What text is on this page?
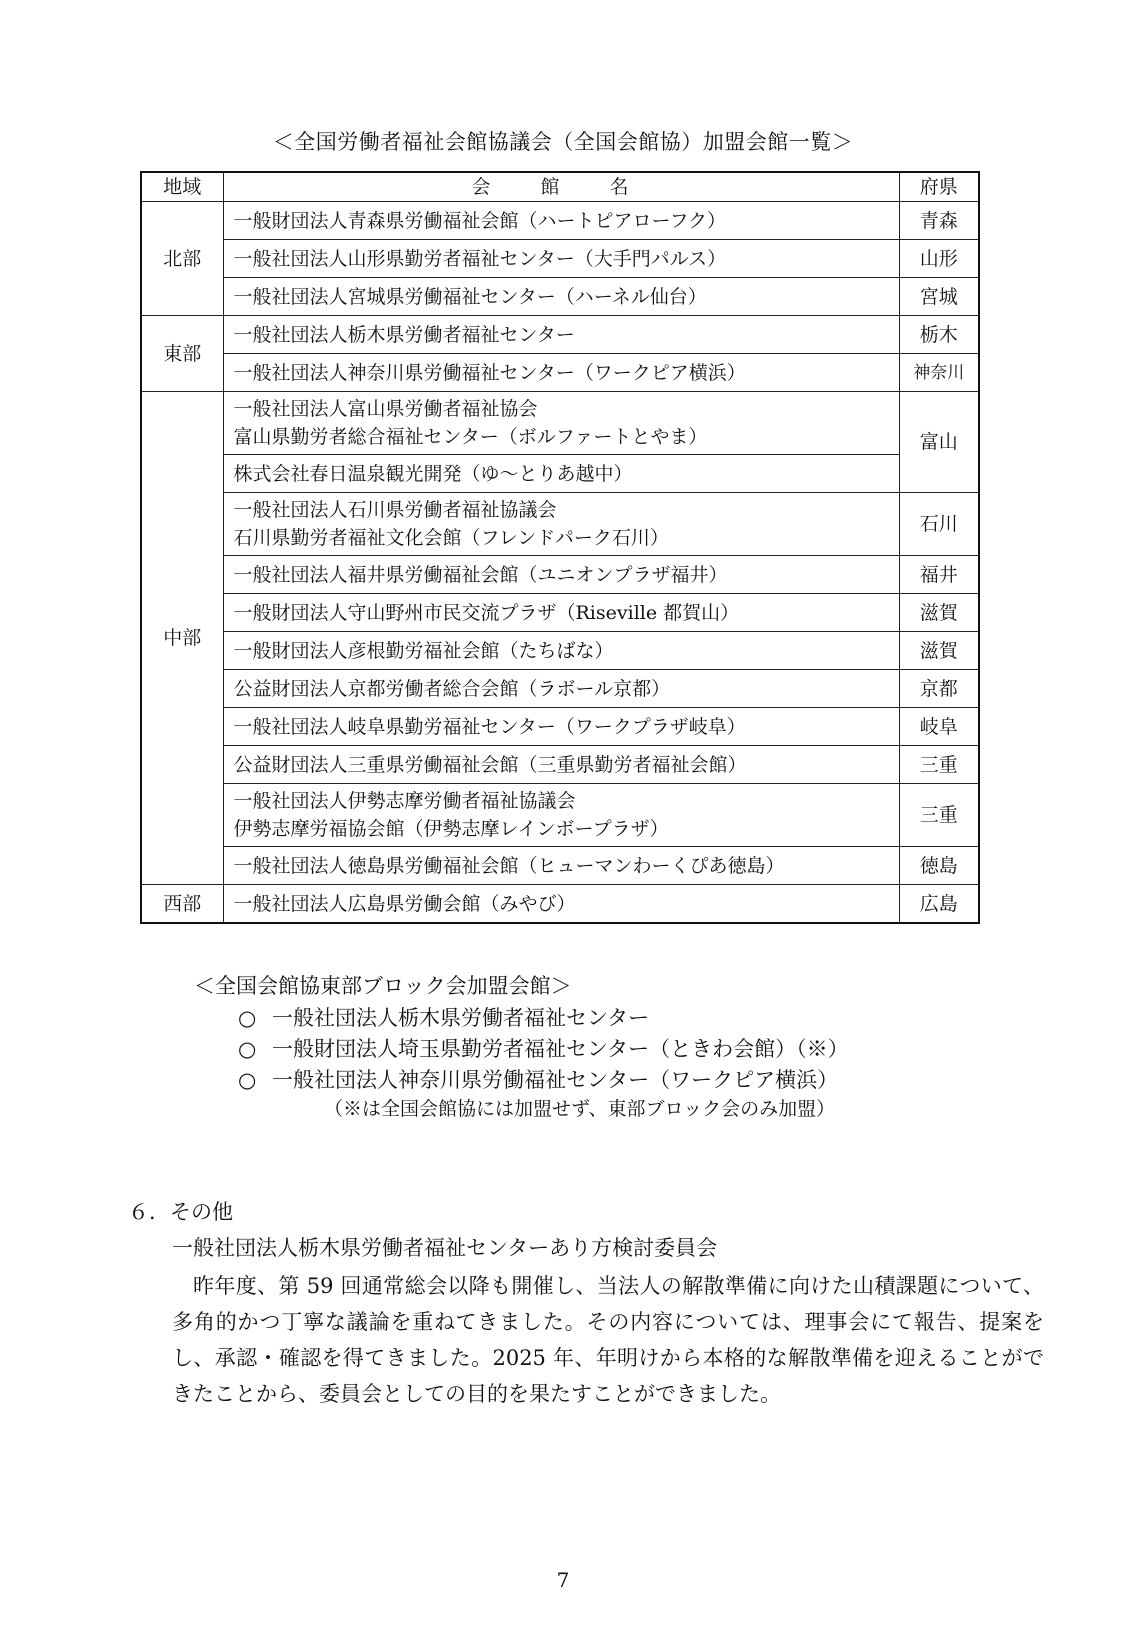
＜全国労働者福祉会館協議会（全国会館協）加盟会館一覧＞
地域	会 館 名	府県
北部	一般財団法人青森県労働福祉会館（ハートピアローフク）	青森
	一般社団法人山形県勤労者福祉センター（大手門パルス）	山形
	一般社団法人宮城県労働福祉センター（ハーネル仙台）	宮城
東部	一般社団法人栃木県労働者福祉センター	栃木
	一般社団法人神奈川県労働福祉センター（ワークピア横浜）	神奈川
中部	一般社団法人富山県労働者福祉協会
富山県勤労者総合福祉センター（ボルファートとやま）	富山
	株式会社春日温泉観光開発（ゆ～とりあ越中）	

	一般社団法人石川県労働者福祉協議会
石川県勤労者福祉文化会館（フレンドパーク石川）	石川
	一般社団法人福井県労働福祉会館（ユニオンプラザ福井）	福井
	一般財団法人守山野州市民交流プラザ（Riseville 都賀山）	滋賀
	一般財団法人彦根勤労福祉会館（たちばな）	滋賀
	公益財団法人京都労働者総合会館（ラボール京都）	京都
	一般社団法人岐阜県勤労福祉センター（ワークプラザ岐阜）	岐阜
	公益財団法人三重県労働福祉会館（三重県勤労者福祉会館）	三重

	一般社団法人伊勢志摩労働者福祉協議会
伊勢志摩労福協会館（伊勢志摩レインボープラザ）	三重
	一般社団法人徳島県労働福祉会館（ヒューマンわーくぴあ徳島）	徳島
西部	一般社団法人広島県労働会館（みやび）	広島
＜全国会館協東部ブロック会加盟会館＞
○ 一般社団法人栃木県労働者福祉センター
○ 一般財団法人埼玉県勤労者福祉センター（ときわ会館）（※）
○ 一般社団法人神奈川県労働福祉センター（ワークピア横浜）
（※は全国会館協には加盟せず、東部ブロック会のみ加盟）
６．その他
一般社団法人栃木県労働者福祉センターあり方検討委員会

昨年度、第 59 回通常総会以降も開催し、当法人の解散準備に向けた山積課題について、多角的かつ丁寧な議論を重ねてきました。その内容については、理事会にて報告、提案をし、承認・確認を得てきました。2025 年、年明けから本格的な解散準備を迎えることができたことから、委員会としての目的を果たすことができました。

7
